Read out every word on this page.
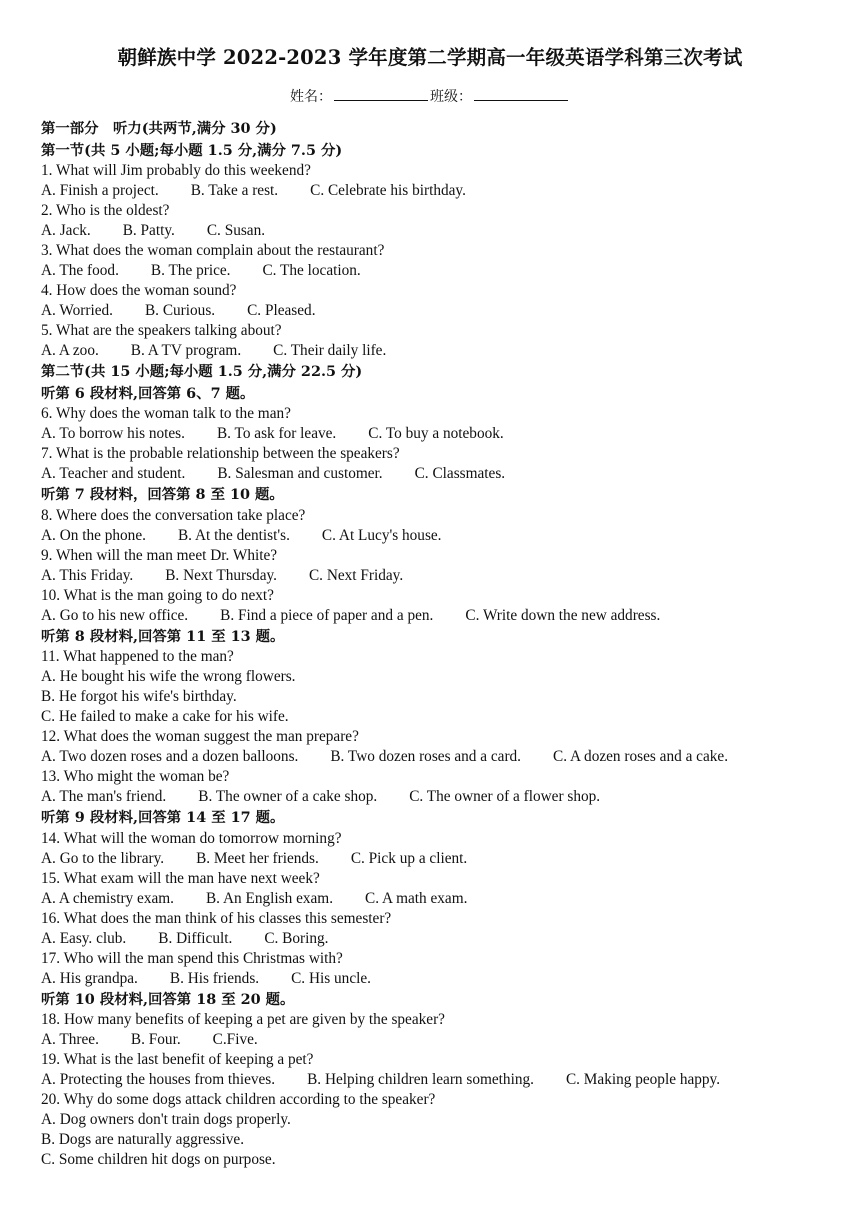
朝鲜族中学 2022-2023 学年度第二学期高一年级英语学科第三次考试
姓名：	班级：
第一部分　听力(共两节,满分 30 分)
第一节(共 5 小题;每小题 1.5 分,满分 7.5 分)
1. What will Jim probably do this weekend?
A. Finish a project. B. Take a rest. C. Celebrate his birthday.
2. Who is the oldest?
A. Jack. B. Patty. C. Susan.
3. What does the woman complain about the restaurant?
A. The food. B. The price. C. The location.
4. How does the woman sound?
A. Worried. B. Curious. C. Pleased.
5. What are the speakers talking about?
A. A zoo. B. A TV program. C. Their daily life.
第二节(共 15 小题;每小题 1.5 分,满分 22.5 分)
听第 6 段材料,回答第 6、7 题。
6. Why does the woman talk to the man?
A. To borrow his notes. B. To ask for leave. C. To buy a notebook.
7. What is the probable relationship between the speakers?
A. Teacher and student. B. Salesman and customer. C. Classmates.
听第 7 段材料，回答第 8 至 10 题。
8. Where does the conversation take place?
A. On the phone. B. At the dentist's. C. At Lucy's house.
9. When will the man meet Dr. White?
A. This Friday. B. Next Thursday. C. Next Friday.
10. What is the man going to do next?
A. Go to his new office. B. Find a piece of paper and a pen. C. Write down the new address.
听第 8 段材料,回答第 11 至 13 题。
11. What happened to the man?
A. He bought his wife the wrong flowers.
B. He forgot his wife's birthday.
C. He failed to make a cake for his wife.
12. What does the woman suggest the man prepare?
A. Two dozen roses and a dozen balloons. B. Two dozen roses and a card. C. A dozen roses and a cake.
13. Who might the woman be?
A. The man's friend. B. The owner of a cake shop. C. The owner of a flower shop.
听第 9 段材料,回答第 14 至 17 题。
14. What will the woman do tomorrow morning?
A. Go to the library. B. Meet her friends. C. Pick up a client.
15. What exam will the man have next week?
A. A chemistry exam. B. An English exam. C. A math exam.
16. What does the man think of his classes this semester?
A. Easy. club. B. Difficult. C. Boring.
17. Who will the man spend this Christmas with?
A. His grandpa. B. His friends. C. His uncle.
听第 10 段材料,回答第 18 至 20 题。
18. How many benefits of keeping a pet are given by the speaker?
A. Three. B. Four. C.Five.
19. What is the last benefit of keeping a pet?
A. Protecting the houses from thieves. B. Helping children learn something. C. Making people happy.
20. Why do some dogs attack children according to the speaker?
A. Dog owners don't train dogs properly.
B. Dogs are naturally aggressive.
C. Some children hit dogs on purpose.
